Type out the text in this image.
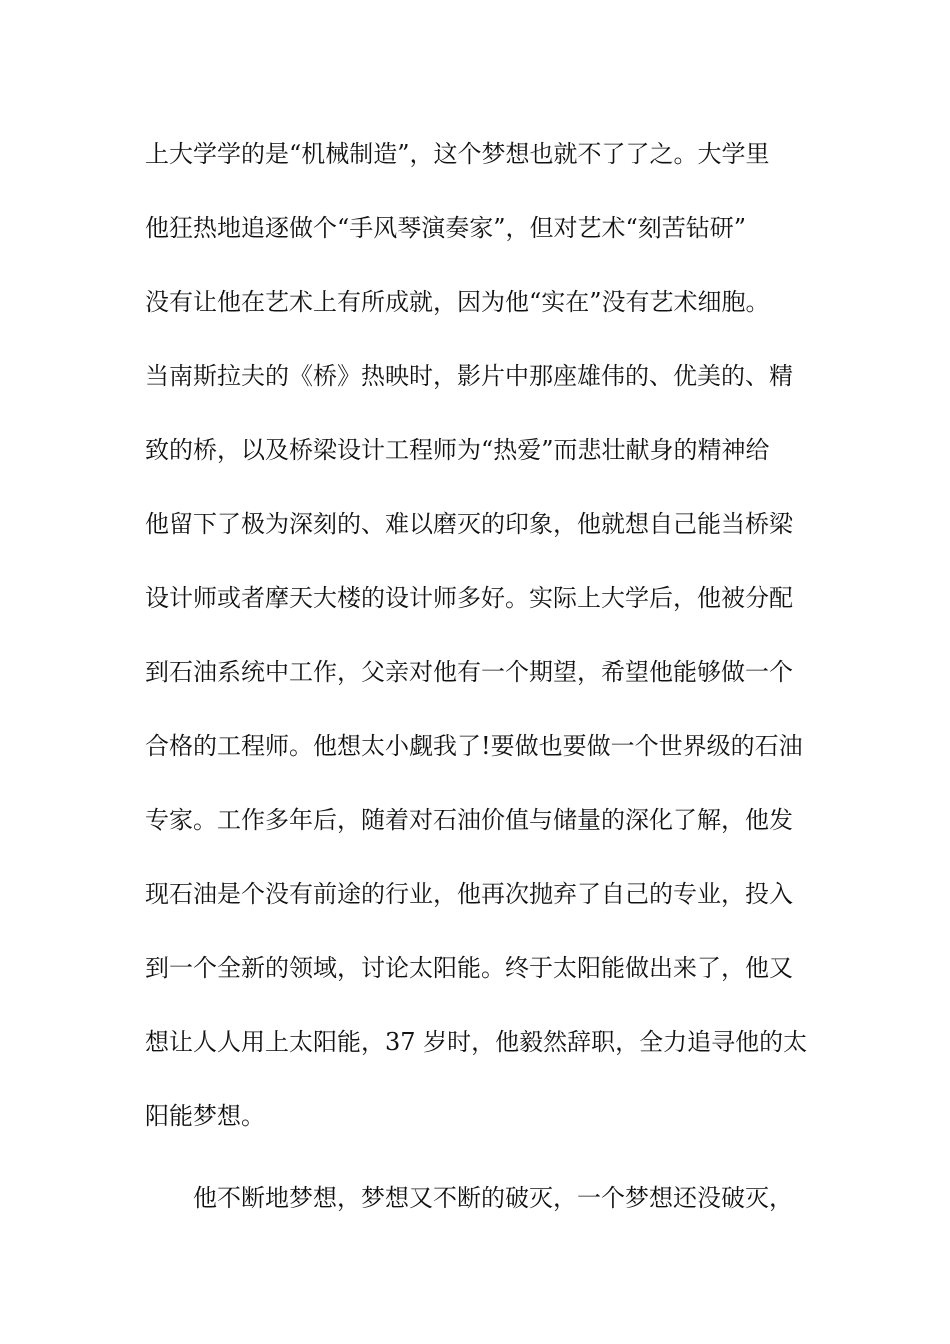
上大学学的是“机械制造”，这个梦想也就不了了之。大学里
他狂热地追逐做个“手风琴演奏家”，但对艺术“刻苦钻研”
没有让他在艺术上有所成就，因为他“实在”没有艺术细胞。
当南斯拉夫的《桥》热映时，影片中那座雄伟的、优美的、精
致的桥，以及桥梁设计工程师为“热爱”而悲壮献身的精神给
他留下了极为深刻的、难以磨灭的印象，他就想自己能当桥梁
设计师或者摩天大楼的设计师多好。实际上大学后，他被分配
到石油系统中工作，父亲对他有一个期望，希望他能够做一个
合格的工程师。他想太小觑我了!要做也要做一个世界级的石油
专家。工作多年后，随着对石油价值与储量的深化了解，他发
现石油是个没有前途的行业，他再次抛弃了自己的专业，投入
到一个全新的领域，讨论太阳能。终于太阳能做出来了，他又
想让人人用上太阳能，37 岁时，他毅然辞职，全力追寻他的太
阳能梦想。
他不断地梦想，梦想又不断的破灭，一个梦想还没破灭，
